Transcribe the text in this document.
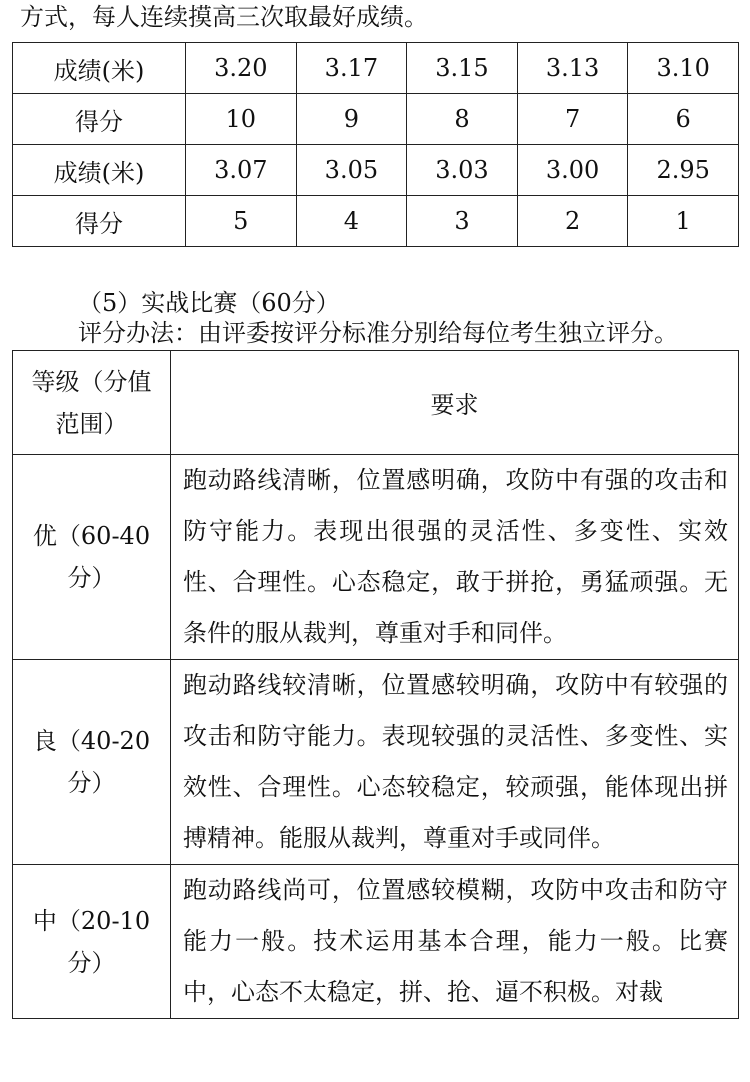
方式，每人连续摸高三次取最好成绩。
成绩(米)	3.20	3.17	3.15	3.13	3.10
得分	10	9	8	7	6
成绩(米)	3.07	3.05	3.03	3.00	2.95
得分	5	4	3	2	1
（5）实战比赛（60分）
评分办法：由评委按评分标准分别给每位考生独立评分。
等级（分值范围）	要求

优（60-40分）	跑动路线清晰，位置感明确，攻防中有强的攻击和防守能力。表现出很强的灵活性、多变性、实效性、合理性。心态稳定，敢于拼抢，勇猛顽强。无条件的服从裁判，尊重对手和同伴。

良（40-20分）	跑动路线较清晰，位置感较明确，攻防中有较强的攻击和防守能力。表现较强的灵活性、多变性、实效性、合理性。心态较稳定，较顽强，能体现出拼搏精神。能服从裁判，尊重对手或同伴。

中（20-10分）	跑动路线尚可，位置感较模糊，攻防中攻击和防守能力一般。技术运用基本合理，能力一般。比赛中，心态不太稳定，拼、抢、逼不积极。对裁
